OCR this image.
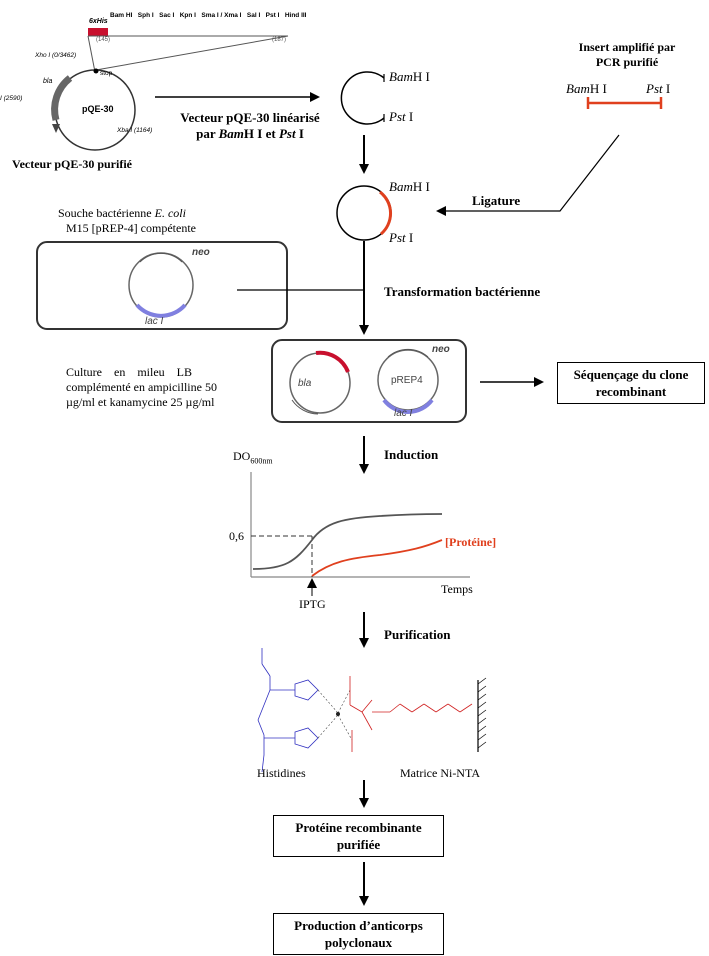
6xHis
Bam HI   Sph I   Sac I   Kpn I   Sma I / Xma I   Sal I   Pst I   Hind III
(145)	(187)
Xho I (0/3462)
stop
bla
I (2590)
pQE-30
Xba I (1164)
Vecteur pQE-30 purifié
Vecteur pQE-30 linéarisé
par BamH I et Pst I
BamH I
Pst I
Insert amplifié par
PCR purifié
BamH I	Pst I
BamH I
Pst I
Ligature
Souche bactérienne E. coli
M15 [pREP-4] compétente
neo
lac I
Transformation bactérienne
Culture    en    mileu    LB
complémenté en ampicilline 50
µg/ml et kanamycine 25 µg/ml
bla	pREP4
neo
lac I
Séquençage du clone
recombinant
Induction
$DO_{600nm}$
0,6
Temps
IPTG
[Protéine]
Purification
Histidines	Matrice Ni-NTA
Protéine recombinante
purifiée
Production d’anticorps
polyclonaux
